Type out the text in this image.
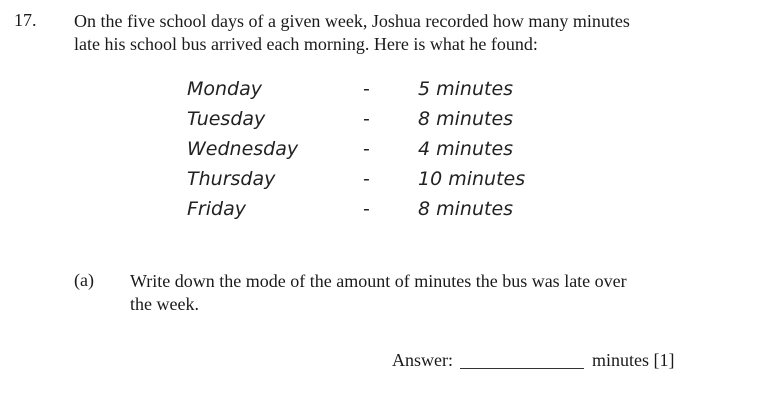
17. On the five school days of a given week, Joshua recorded how many minutes
late his school bus arrived each morning. Here is what he found:
Monday	-	5 minutes
Tuesday	-	8 minutes
Wednesday	-	4 minutes
Thursday	-	10 minutes
Friday	-	8 minutes
(a) Write down the mode of the amount of minutes the bus was late over
the week.
Answer:	minutes [1]
